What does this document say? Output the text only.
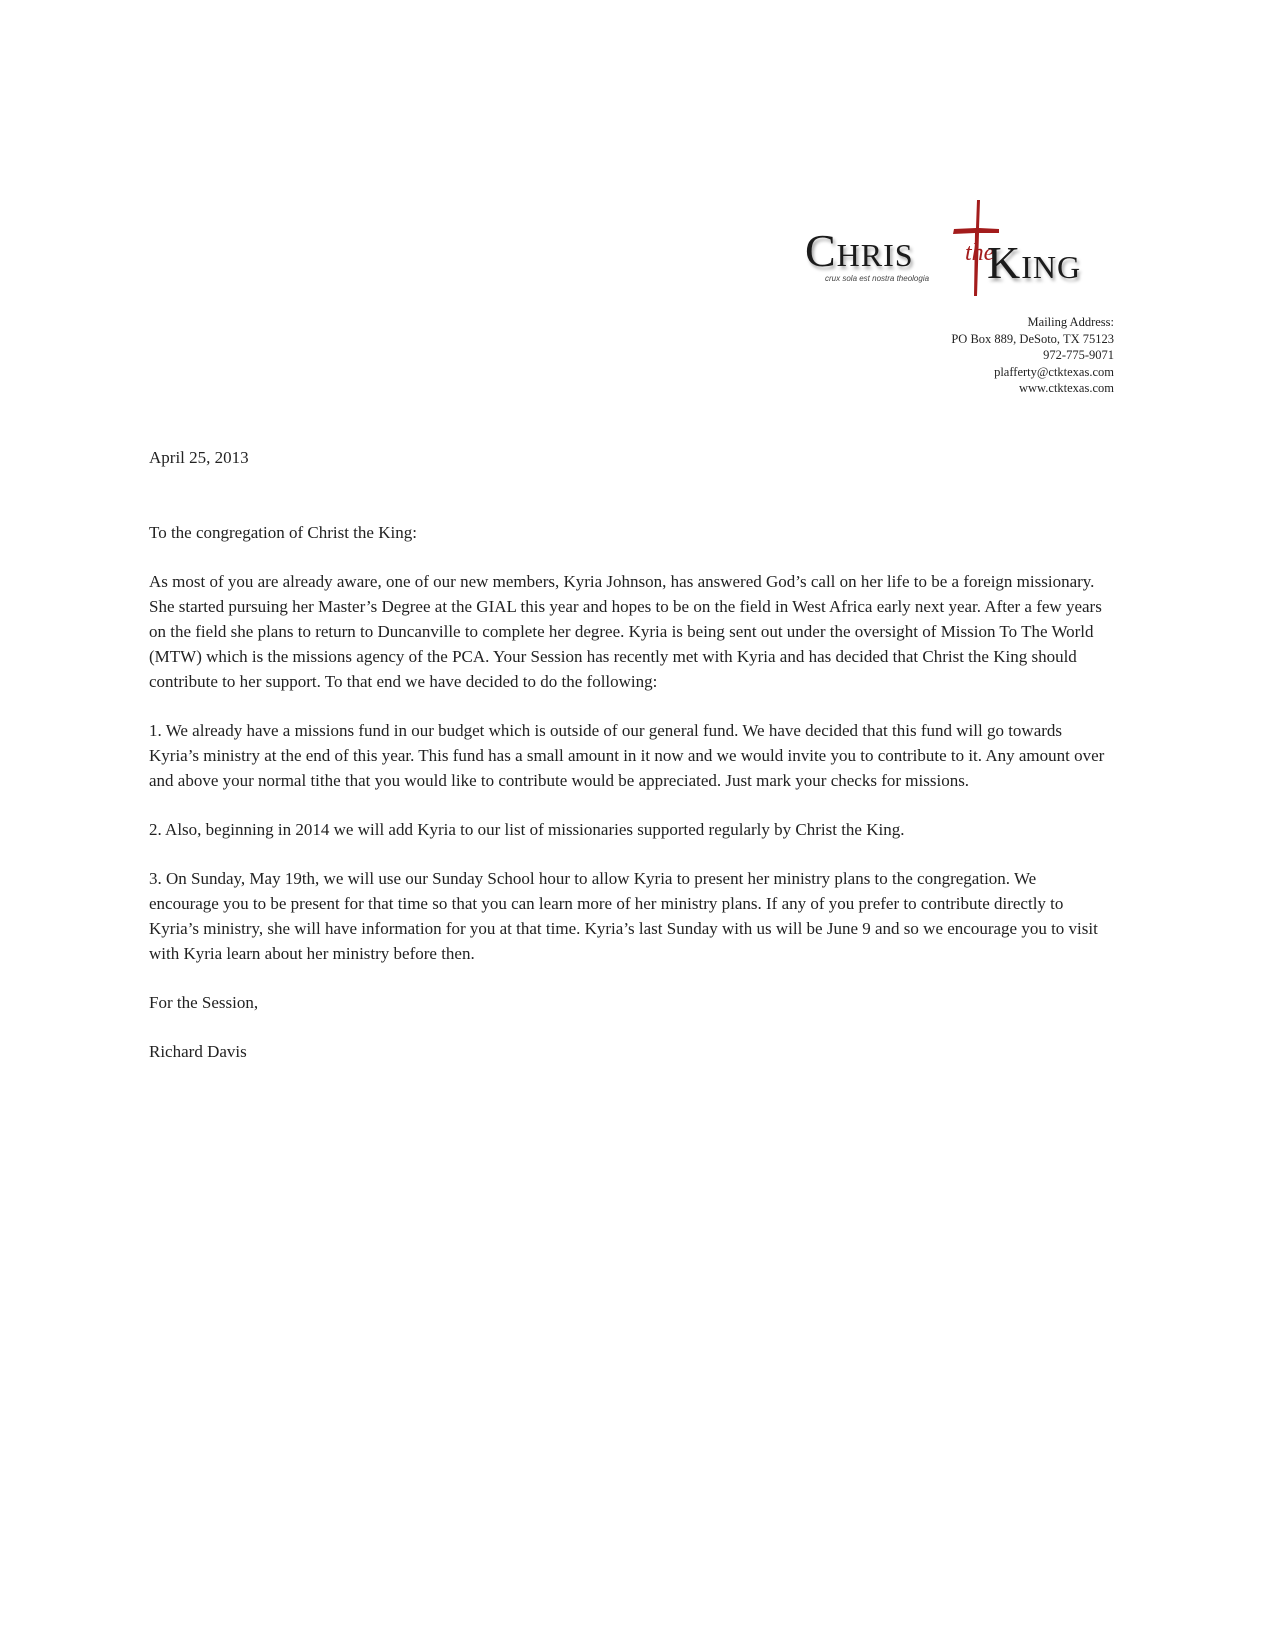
Chris the
King
crux sola est nostra theologia
Mailing Address:
PO Box 889, DeSoto, TX 75123
972-775-9071
plafferty@ctktexas.com
www.ctktexas.com
April 25, 2013

To the congregation of Christ the King:

As most of you are already aware, one of our new members, Kyria Johnson, has answered God’s call on her life to be a foreign missionary. She started pursuing her Master’s Degree at the GIAL this year and hopes to be on the field in West Africa early next year. After a few years on the field she plans to return to Duncanville to complete her degree. Kyria is being sent out under the oversight of Mission To The World (MTW) which is the missions agency of the PCA. Your Session has recently met with Kyria and has decided that Christ the King should contribute to her support. To that end we have decided to do the following:

1. We already have a missions fund in our budget which is outside of our general fund. We have decided that this fund will go towards Kyria’s ministry at the end of this year. This fund has a small amount in it now and we would invite you to contribute to it. Any amount over and above your normal tithe that you would like to contribute would be appreciated. Just mark your checks for missions.

2. Also, beginning in 2014 we will add Kyria to our list of missionaries supported regularly by Christ the King.

3. On Sunday, May 19th, we will use our Sunday School hour to allow Kyria to present her ministry plans to the congregation. We encourage you to be present for that time so that you can learn more of her ministry plans. If any of you prefer to contribute directly to Kyria’s ministry, she will have information for you at that time. Kyria’s last Sunday with us will be June 9 and so we encourage you to visit with Kyria learn about her ministry before then.

For the Session,

Richard Davis
